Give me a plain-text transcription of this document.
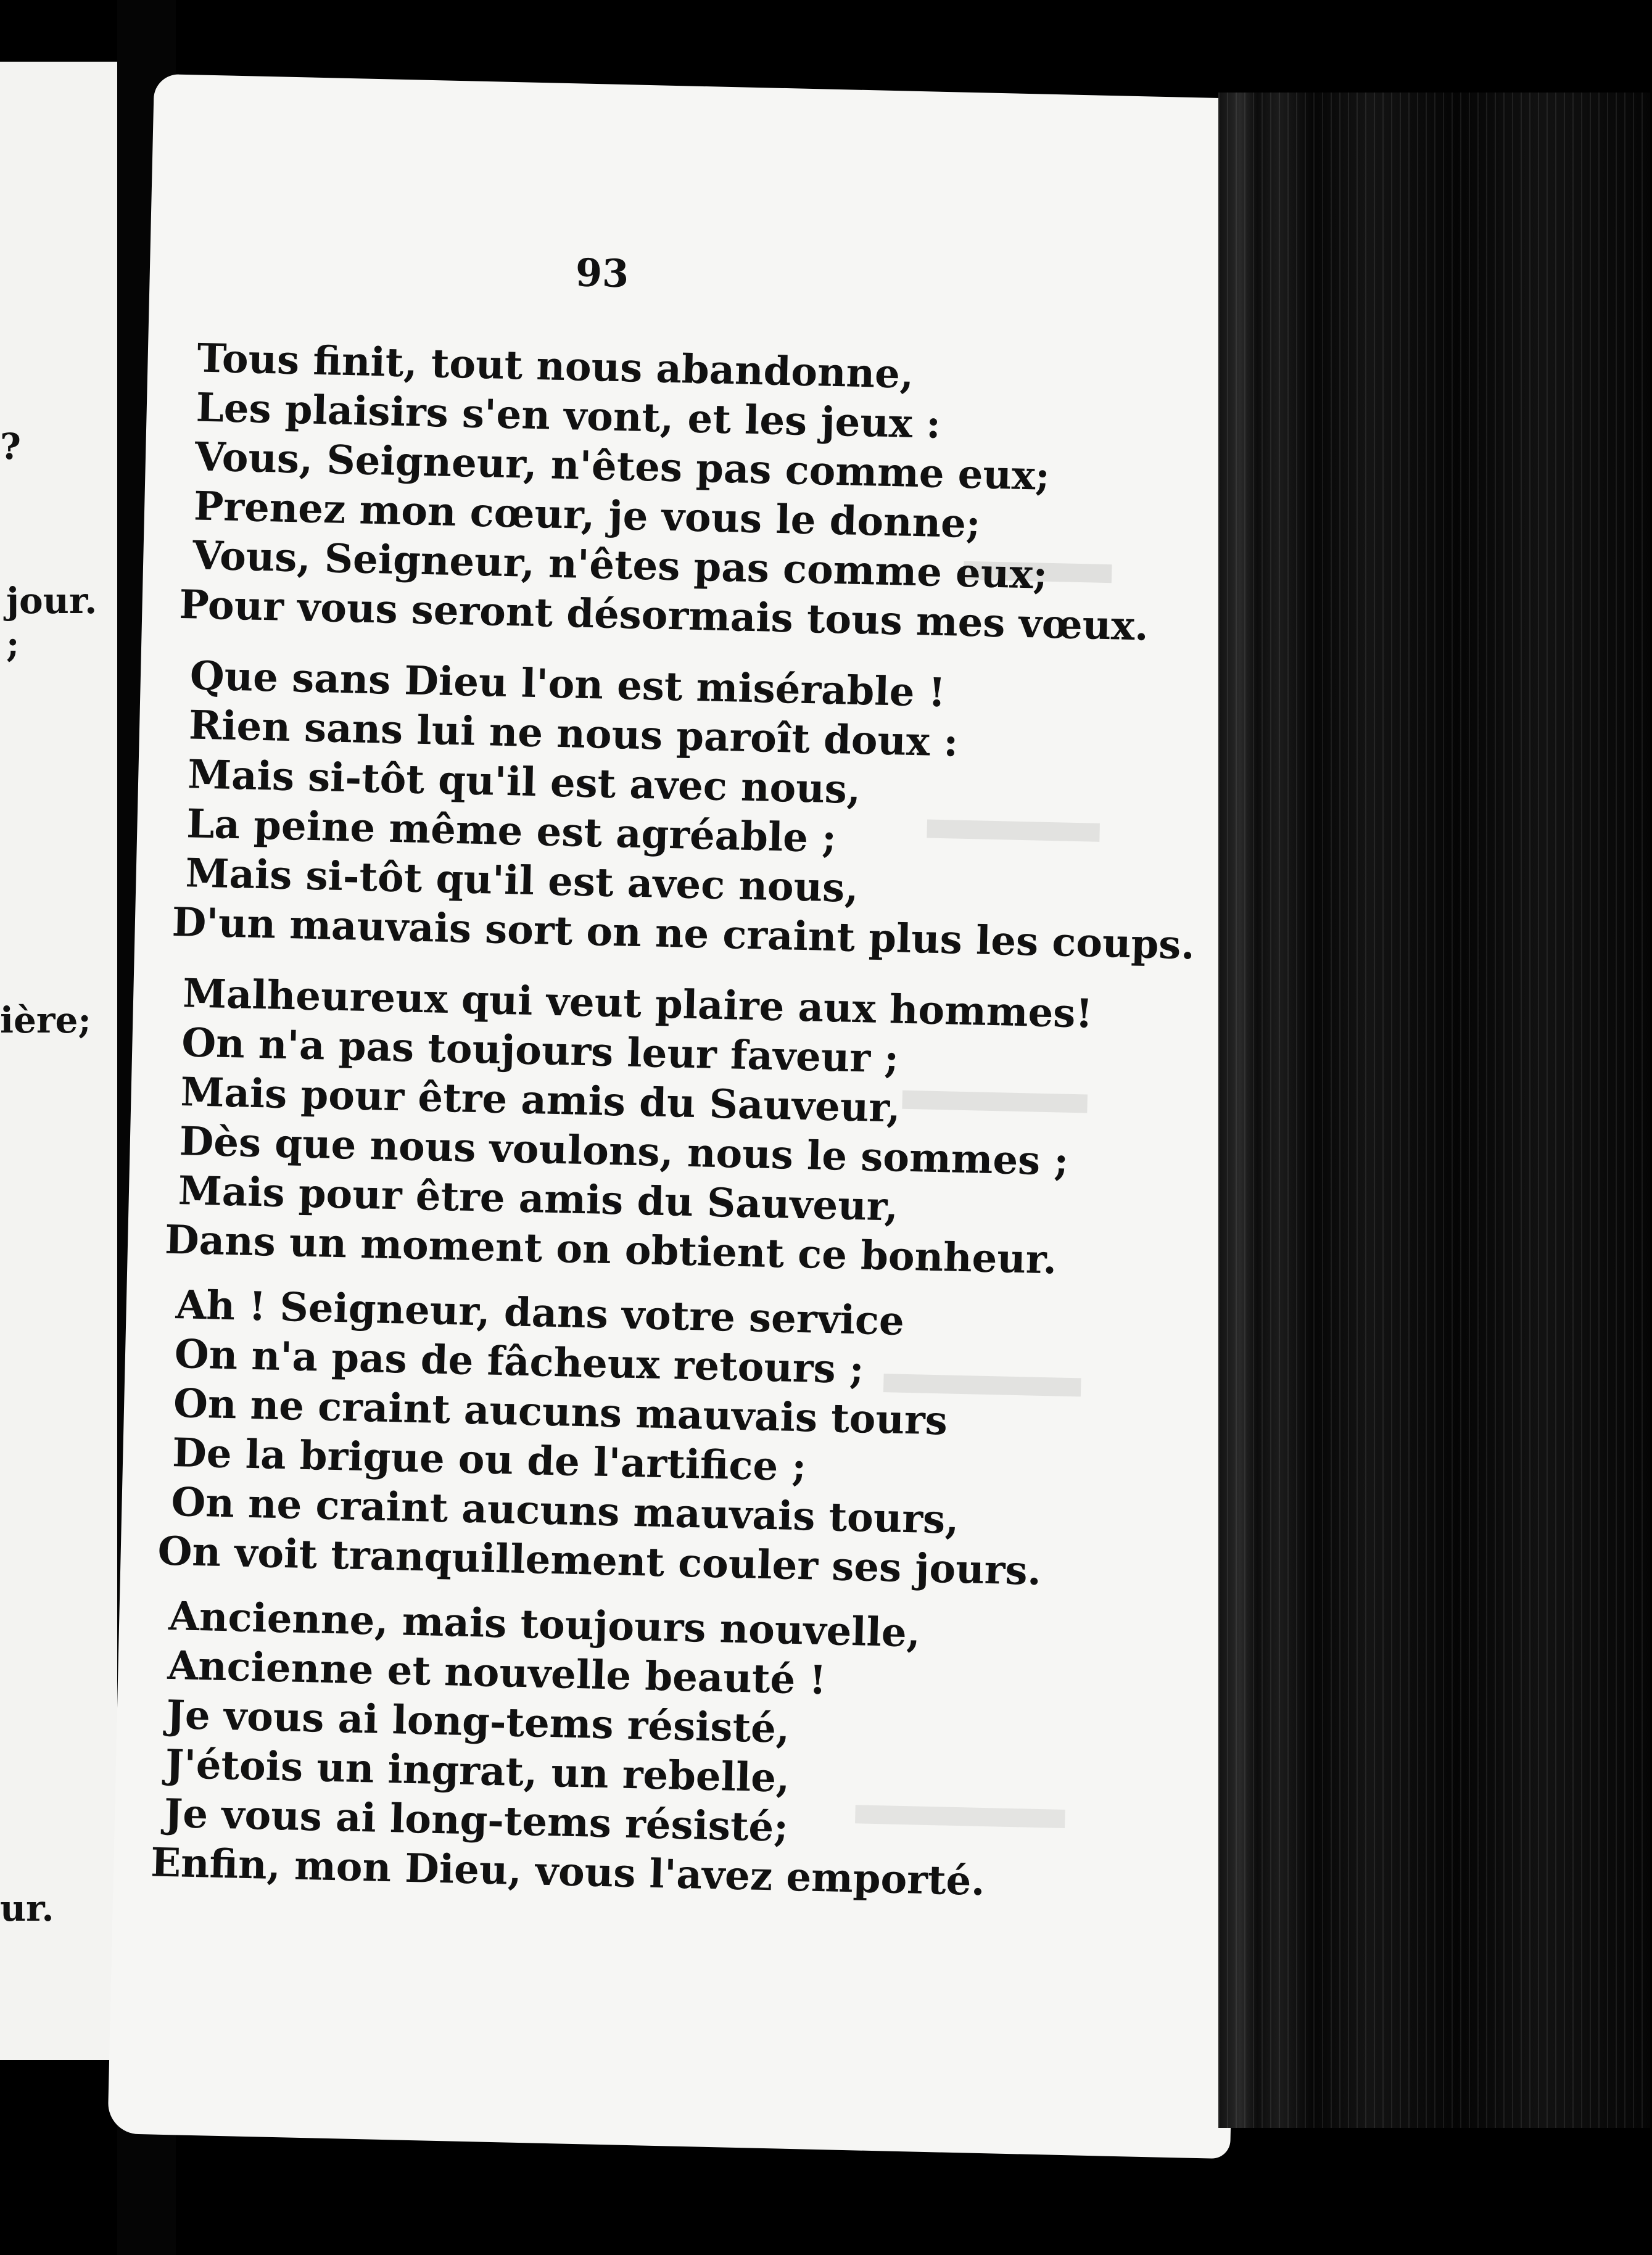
?
jour.
;
ière;
ur.
93
Tous finit, tout nous abandonne,
Les plaisirs s'en vont, et les jeux :
Vous, Seigneur, n'êtes pas comme eux;
Prenez mon cœur, je vous le donne;
Vous, Seigneur, n'êtes pas comme eux;
Pour vous seront désormais tous mes vœux.
Que sans Dieu l'on est misérable !
Rien sans lui ne nous paroît doux :
Mais si-tôt qu'il est avec nous,
La peine même est agréable ;
Mais si-tôt qu'il est avec nous,
D'un mauvais sort on ne craint plus les coups.
Malheureux qui veut plaire aux hommes!
On n'a pas toujours leur faveur ;
Mais pour être amis du Sauveur,
Dès que nous voulons, nous le sommes ;
Mais pour être amis du Sauveur,
Dans un moment on obtient ce bonheur.
Ah ! Seigneur, dans votre service
On n'a pas de fâcheux retours ;
On ne craint aucuns mauvais tours
De la brigue ou de l'artifice ;
On ne craint aucuns mauvais tours,
On voit tranquillement couler ses jours.
Ancienne, mais toujours nouvelle,
Ancienne et nouvelle beauté !
Je vous ai long-tems résisté,
J'étois un ingrat, un rebelle,
Je vous ai long-tems résisté;
Enfin, mon Dieu, vous l'avez emporté.
